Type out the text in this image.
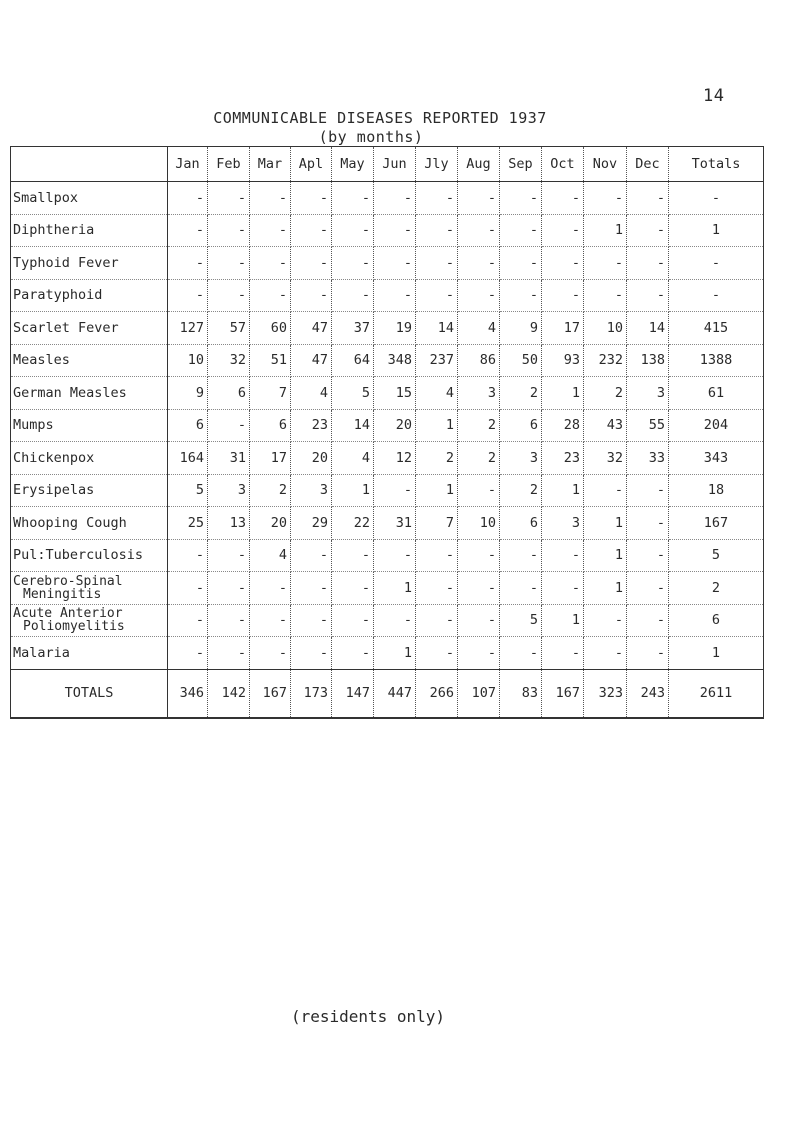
14
COMMUNICABLE DISEASES REPORTED 1937
(by months)
	Jan	Feb	Mar	Apl	May	Jun	Jly	Aug	Sep	Oct	Nov	Dec	Totals
Smallpox	-	-	-	-	-	-	-	-	-	-	-	-	-
Diphtheria	-	-	-	-	-	-	-	-	-	-	1	-	1
Typhoid Fever	-	-	-	-	-	-	-	-	-	-	-	-	-
Paratyphoid	-	-	-	-	-	-	-	-	-	-	-	-	-
Scarlet Fever	127	57	60	47	37	19	14	4	9	17	10	14	415
Measles	10	32	51	47	64	348	237	86	50	93	232	138	1388
German Measles	9	6	7	4	5	15	4	3	2	1	2	3	61
Mumps	6	-	6	23	14	20	1	2	6	28	43	55	204
Chickenpox	164	31	17	20	4	12	2	2	3	23	32	33	343
Erysipelas	5	3	2	3	1	-	1	-	2	1	-	-	18
Whooping Cough	25	13	20	29	22	31	7	10	6	3	1	-	167
Pul:Tuberculosis	-	-	4	-	-	-	-	-	-	-	1	-	5

Cerebro-Spinal
Meningitis	-	-	-	-	-	1	-	-	-	-	1	-	2

Acute Anterior
Poliomyelitis	-	-	-	-	-	-	-	-	5	1	-	-	6
Malaria	-	-	-	-	-	1	-	-	-	-	-	-	1
TOTALS	346	142	167	173	147	447	266	107	83	167	323	243	2611
(residents only)
